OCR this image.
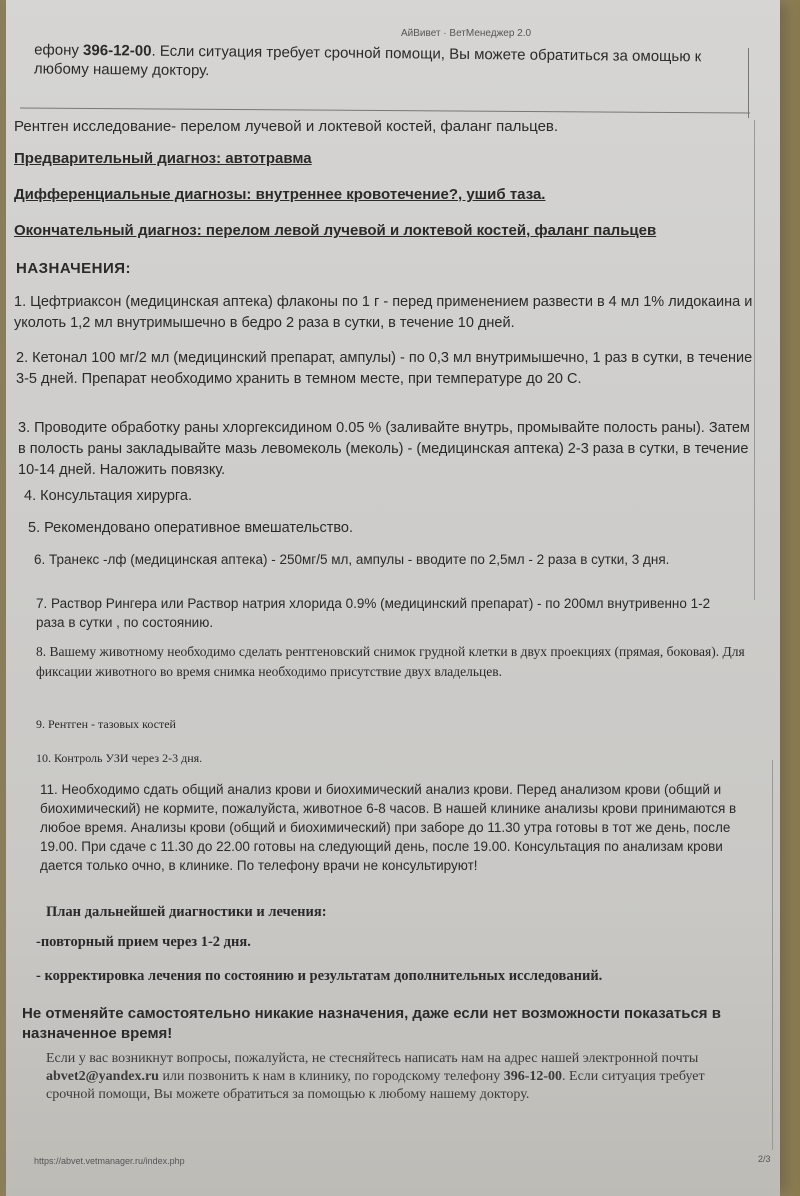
АйВивет · ВетМенеджер 2.0
ефону 396-12-00. Если ситуация требует срочной помощи, Вы можете обратиться за омощью к любому нашему доктору.
Рентген исследование- перелом лучевой и локтевой костей, фаланг пальцев.
Предварительный диагноз: автотравма
Дифференциальные диагнозы: внутреннее кровотечение?, ушиб таза.
Окончательный диагноз: перелом левой лучевой и локтевой костей, фаланг пальцев
НАЗНАЧЕНИЯ:
1. Цефтриаксон (медицинская аптека) флаконы по 1 г - перед применением развести в 4 мл 1% лидокаина и уколоть 1,2 мл внутримышечно в бедро 2 раза в сутки, в течение 10 дней.
2. Кетонал 100 мг/2 мл (медицинский препарат, ампулы) - по 0,3 мл внутримышечно, 1 раз в сутки, в течение 3-5 дней. Препарат необходимо хранить в темном месте, при температуре до 20 С.
3. Проводите обработку раны хлоргексидином 0.05 % (заливайте внутрь, промывайте полость раны). Затем в полость раны закладывайте мазь левомеколь (меколь) - (медицинская аптека) 2-3 раза в сутки, в течение 10-14 дней. Наложить повязку.
4. Консультация хирурга.
5. Рекомендовано оперативное вмешательство.
6. Транекс -лф (медицинская аптека) - 250мг/5 мл, ампулы - вводите по 2,5мл - 2 раза в сутки, 3 дня.
7. Раствор Рингера или Раствор натрия хлорида 0.9% (медицинский препарат) - по 200мл внутривенно 1-2 раза в сутки , по состоянию.
8. Вашему животному необходимо сделать рентгеновский снимок грудной клетки в двух проекциях (прямая, боковая). Для фиксации животного во время снимка необходимо присутствие двух владельцев.
9. Рентген - тазовых костей
10. Контроль УЗИ через 2-3 дня.
11. Необходимо сдать общий анализ крови и биохимический анализ крови. Перед анализом крови (общий и биохимический) не кормите, пожалуйста, животное 6-8 часов. В нашей клинике анализы крови принимаются в любое время. Анализы крови (общий и биохимический) при заборе до 11.30 утра готовы в тот же день, после 19.00. При сдаче с 11.30 до 22.00 готовы на следующий день, после 19.00. Консультация по анализам крови дается только очно, в клинике. По телефону врачи не консультируют!
План дальнейшей диагностики и лечения:
-повторный прием через 1-2 дня.
- корректировка лечения по состоянию и результатам дополнительных исследований.
Не отменяйте самостоятельно никакие назначения, даже если нет возможности показаться в назначенное время!
Если у вас возникнут вопросы, пожалуйста, не стесняйтесь написать нам на адрес нашей электронной почты abvet2@yandex.ru или позвонить к нам в клинику, по городскому телефону 396-12-00. Если ситуация требует срочной помощи, Вы можете обратиться за помощью к любому нашему доктору.
https://abvet.vetmanager.ru/index.php	2/3
